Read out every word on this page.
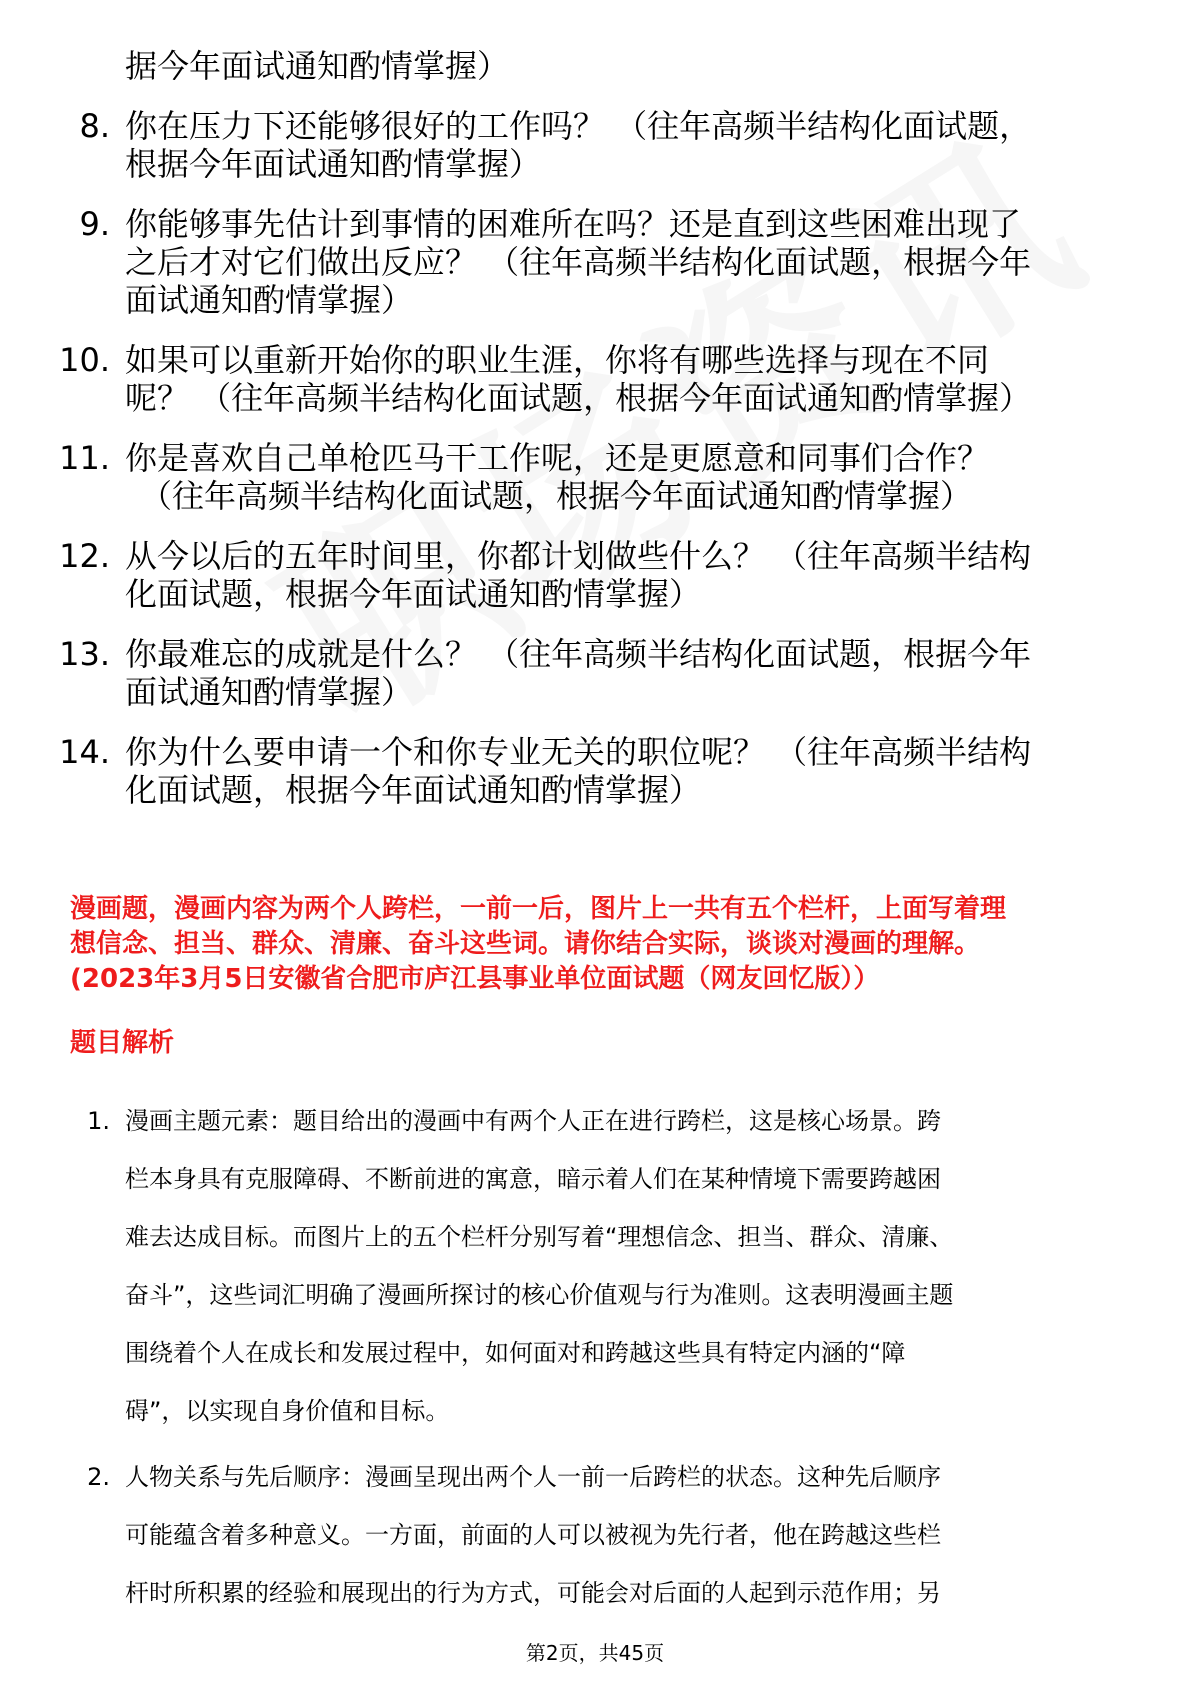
据今年面试通知酌情掌握）
8. 你在压力下还能够很好的工作吗？ （往年高频半结构化面试题，
根据今年面试通知酌情掌握）
9. 你能够事先估计到事情的困难所在吗？还是直到这些困难出现了
之后才对它们做出反应？ （往年高频半结构化面试题，根据今年
面试通知酌情掌握）
10. 如果可以重新开始你的职业生涯，你将有哪些选择与现在不同
呢？ （往年高频半结构化面试题，根据今年面试通知酌情掌握）
11. 你是喜欢自己单枪匹马干工作呢，还是更愿意和同事们合作？
（往年高频半结构化面试题，根据今年面试通知酌情掌握）
12. 从今以后的五年时间里，你都计划做些什么？ （往年高频半结构
化面试题，根据今年面试通知酌情掌握）
13. 你最难忘的成就是什么？ （往年高频半结构化面试题，根据今年
面试通知酌情掌握）
14. 你为什么要申请一个和你专业无关的职位呢？ （往年高频半结构
化面试题，根据今年面试通知酌情掌握）
漫画题，漫画内容为两个人跨栏，一前一后，图片上一共有五个栏杆，上面写着理
想信念、担当、群众、清廉、奋斗这些词。请你结合实际，谈谈对漫画的理解。
(2023年3月5日安徽省合肥市庐江县事业单位面试题（网友回忆版））
题目解析
1. 漫画主题元素：题目给出的漫画中有两个人正在进行跨栏，这是核心场景。跨
栏本身具有克服障碍、不断前进的寓意，暗示着人们在某种情境下需要跨越困
难去达成目标。而图片上的五个栏杆分别写着“理想信念、担当、群众、清廉、
奋斗”，这些词汇明确了漫画所探讨的核心价值观与行为准则。这表明漫画主题
围绕着个人在成长和发展过程中，如何面对和跨越这些具有特定内涵的“障
碍”，以实现自身价值和目标。
2. 人物关系与先后顺序：漫画呈现出两个人一前一后跨栏的状态。这种先后顺序
可能蕴含着多种意义。一方面，前面的人可以被视为先行者，他在跨越这些栏
杆时所积累的经验和展现出的行为方式，可能会对后面的人起到示范作用；另
第2页，共45页
